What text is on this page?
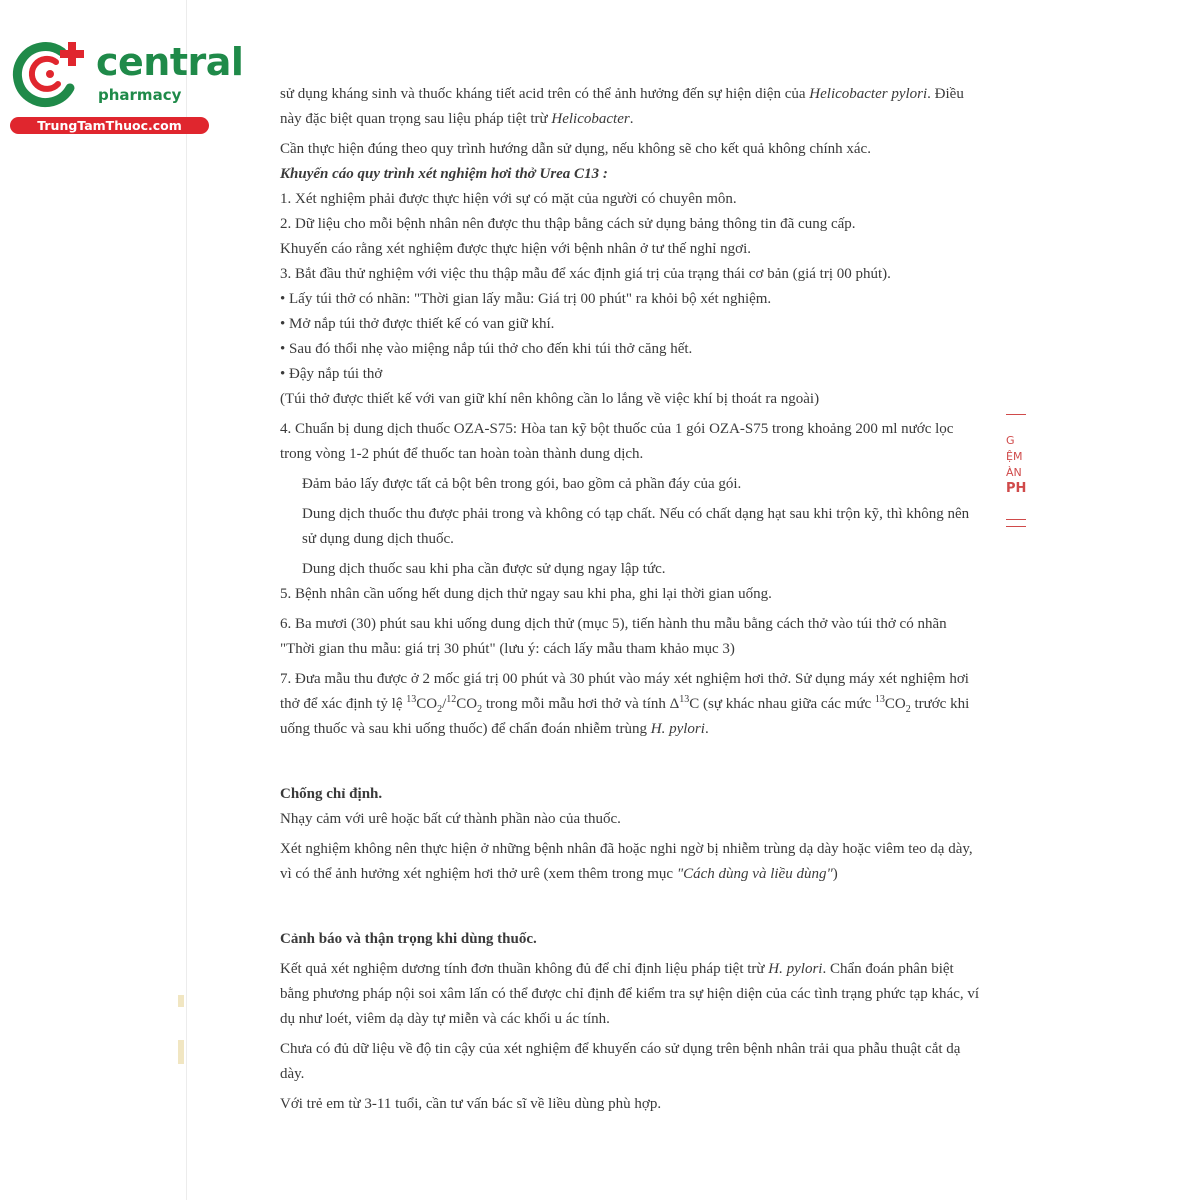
central
pharmacy
TrungTamThuoc.com

sử dụng kháng sinh và thuốc kháng tiết acid trên có thể ảnh hưởng đến sự hiện diện của Helicobacter pylori. Điều này đặc biệt quan trọng sau liệu pháp tiệt trừ Helicobacter.

Cần thực hiện đúng theo quy trình hướng dẫn sử dụng, nếu không sẽ cho kết quả không chính xác.

Khuyến cáo quy trình xét nghiệm hơi thở Urea C13 :

1. Xét nghiệm phải được thực hiện với sự có mặt của người có chuyên môn.

2. Dữ liệu cho mỗi bệnh nhân nên được thu thập bằng cách sử dụng bảng thông tin đã cung cấp.

Khuyến cáo rằng xét nghiệm được thực hiện với bệnh nhân ở tư thế nghỉ ngơi.

3. Bắt đầu thử nghiệm với việc thu thập mẫu để xác định giá trị của trạng thái cơ bản (giá trị 00 phút).

• Lấy túi thở có nhãn: "Thời gian lấy mẫu: Giá trị 00 phút" ra khỏi bộ xét nghiệm.

• Mở nắp túi thở được thiết kế có van giữ khí.

• Sau đó thổi nhẹ vào miệng nắp túi thở cho đến khi túi thở căng hết.

• Đậy nắp túi thở

(Túi thở được thiết kế với van giữ khí nên không cần lo lắng về việc khí bị thoát ra ngoài)

4. Chuẩn bị dung dịch thuốc OZA-S75: Hòa tan kỹ bột thuốc của 1 gói OZA-S75 trong khoảng 200 ml nước lọc trong vòng 1-2 phút để thuốc tan hoàn toàn thành dung dịch.

Đảm bảo lấy được tất cả bột bên trong gói, bao gồm cả phần đáy của gói.

Dung dịch thuốc thu được phải trong và không có tạp chất. Nếu có chất dạng hạt sau khi trộn kỹ, thì không nên sử dụng dung dịch thuốc.

Dung dịch thuốc sau khi pha cần được sử dụng ngay lập tức.

5. Bệnh nhân cần uống hết dung dịch thử ngay sau khi pha, ghi lại thời gian uống.

6. Ba mươi (30) phút sau khi uống dung dịch thử (mục 5), tiến hành thu mẫu bằng cách thở vào túi thở có nhãn "Thời gian thu mẫu: giá trị 30 phút" (lưu ý: cách lấy mẫu tham khảo mục 3)

7. Đưa mẫu thu được ở 2 mốc giá trị 00 phút và 30 phút vào máy xét nghiệm hơi thở. Sử dụng máy xét nghiệm hơi thở để xác định tỷ lệ $^{13}CO_2/^{12}CO_2$ trong mỗi mẫu hơi thở và tính $\Delta^{13}C$ (sự khác nhau giữa các mức $^{13}CO_2$ trước khi uống thuốc và sau khi uống thuốc) để chẩn đoán nhiễm trùng H. pylori.

Chống chỉ định.

Nhạy cảm với urê hoặc bất cứ thành phần nào của thuốc.

Xét nghiệm không nên thực hiện ở những bệnh nhân đã hoặc nghi ngờ bị nhiễm trùng dạ dày hoặc viêm teo dạ dày, vì có thể ảnh hưởng xét nghiệm hơi thở urê (xem thêm trong mục "Cách dùng và liều dùng")

Cảnh báo và thận trọng khi dùng thuốc.

Kết quả xét nghiệm dương tính đơn thuần không đủ để chỉ định liệu pháp tiệt trừ H. pylori. Chẩn đoán phân biệt bằng phương pháp nội soi xâm lấn có thể được chỉ định để kiểm tra sự hiện diện của các tình trạng phức tạp khác, ví dụ như loét, viêm dạ dày tự miễn và các khối u ác tính.

Chưa có đủ dữ liệu về độ tin cậy của xét nghiệm để khuyến cáo sử dụng trên bệnh nhân trải qua phẫu thuật cắt dạ dày.

Với trẻ em từ 3-11 tuổi, cần tư vấn bác sĩ về liều dùng phù hợp.

G
ỆM
ÀN
PH
